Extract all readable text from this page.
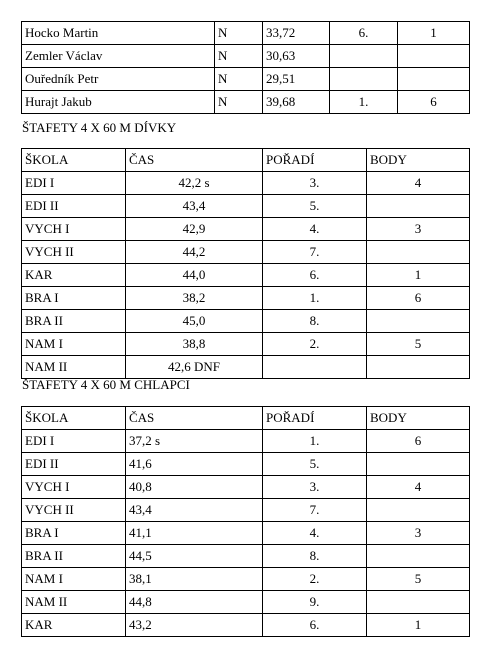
Hocko Martin	N	33,72	6.	1
Zemler Václav	N	30,63		
Ouředník Petr	N	29,51		
Hurajt Jakub	N	39,68	1.	6
ŠTAFETY 4 X 60 M DÍVKY
ŠKOLA	ČAS	POŘADÍ	BODY
EDI I	42,2 s	3.	4
EDI II	43,4	5.	
VYCH I	42,9	4.	3
VYCH II	44,2	7.	
KAR	44,0	6.	1
BRA I	38,2	1.	6
BRA II	45,0	8.	
NAM I	38,8	2.	5
NAM II	42,6 DNF		
ŠTAFETY 4 X 60 M CHLAPCI
ŠKOLA	ČAS	POŘADÍ	BODY
EDI I	37,2 s	1.	6
EDI II	41,6	5.	
VYCH I	40,8	3.	4
VYCH II	43,4	7.	
BRA I	41,1	4.	3
BRA II	44,5	8.	
NAM I	38,1	2.	5
NAM II	44,8	9.	
KAR	43,2	6.	1
